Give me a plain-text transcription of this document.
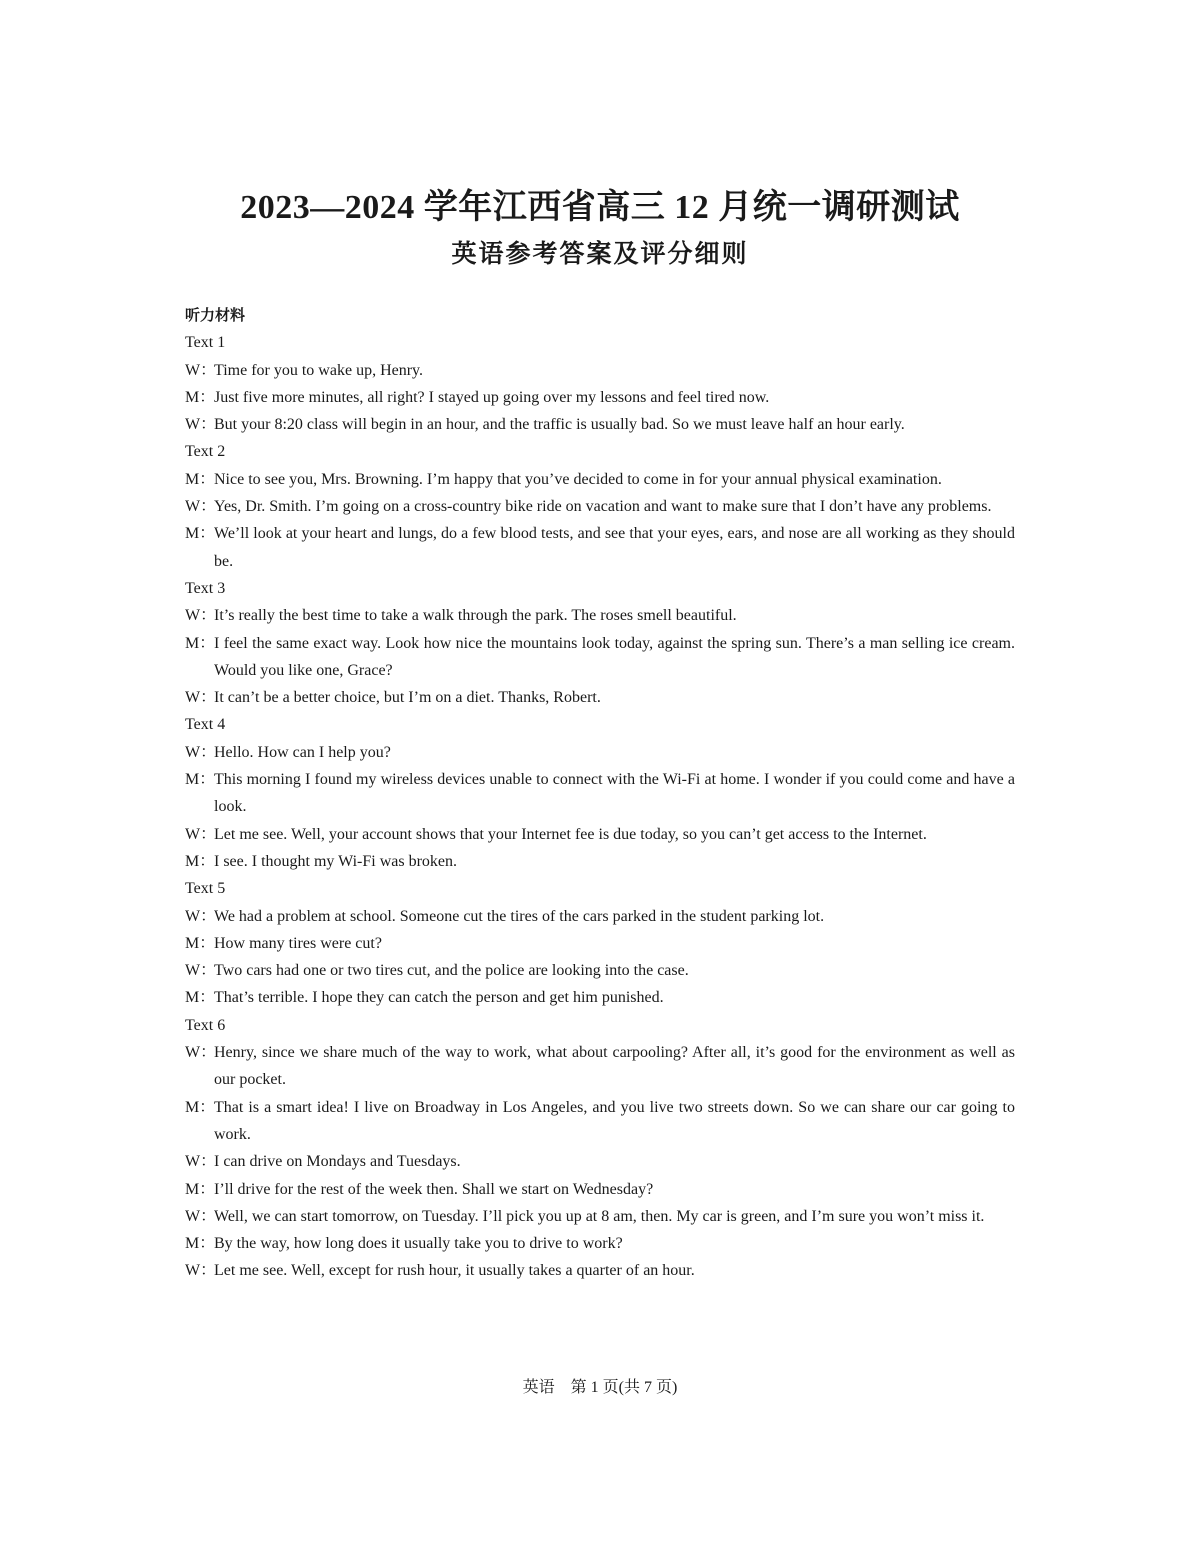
2023—2024 学年江西省高三 12 月统一调研测试
英语参考答案及评分细则
听力材料
Text 1
W：Time for you to wake up, Henry.
M：Just five more minutes, all right? I stayed up going over my lessons and feel tired now.
W：But your 8:20 class will begin in an hour, and the traffic is usually bad. So we must leave half an hour early.
Text 2
M：Nice to see you, Mrs. Browning. I’m happy that you’ve decided to come in for your annual physical examination.
W：Yes, Dr. Smith. I’m going on a cross-country bike ride on vacation and want to make sure that I don’t have any problems.
M：We’ll look at your heart and lungs, do a few blood tests, and see that your eyes, ears, and nose are all working as they should be.
Text 3
W：It’s really the best time to take a walk through the park. The roses smell beautiful.
M：I feel the same exact way. Look how nice the mountains look today, against the spring sun. There’s a man selling ice cream. Would you like one, Grace?
W：It can’t be a better choice, but I’m on a diet. Thanks, Robert.
Text 4
W：Hello. How can I help you?
M：This morning I found my wireless devices unable to connect with the Wi-Fi at home. I wonder if you could come and have a look.
W：Let me see. Well, your account shows that your Internet fee is due today, so you can’t get access to the Internet.
M：I see. I thought my Wi-Fi was broken.
Text 5
W：We had a problem at school. Someone cut the tires of the cars parked in the student parking lot.
M：How many tires were cut?
W：Two cars had one or two tires cut, and the police are looking into the case.
M：That’s terrible. I hope they can catch the person and get him punished.
Text 6
W：Henry, since we share much of the way to work, what about carpooling? After all, it’s good for the environment as well as our pocket.
M：That is a smart idea! I live on Broadway in Los Angeles, and you live two streets down. So we can share our car going to work.
W：I can drive on Mondays and Tuesdays.
M：I’ll drive for the rest of the week then. Shall we start on Wednesday?
W：Well, we can start tomorrow, on Tuesday. I’ll pick you up at 8 am, then. My car is green, and I’m sure you won’t miss it.
M：By the way, how long does it usually take you to drive to work?
W：Let me see. Well, except for rush hour, it usually takes a quarter of an hour.
英语　第 1 页(共 7 页)
